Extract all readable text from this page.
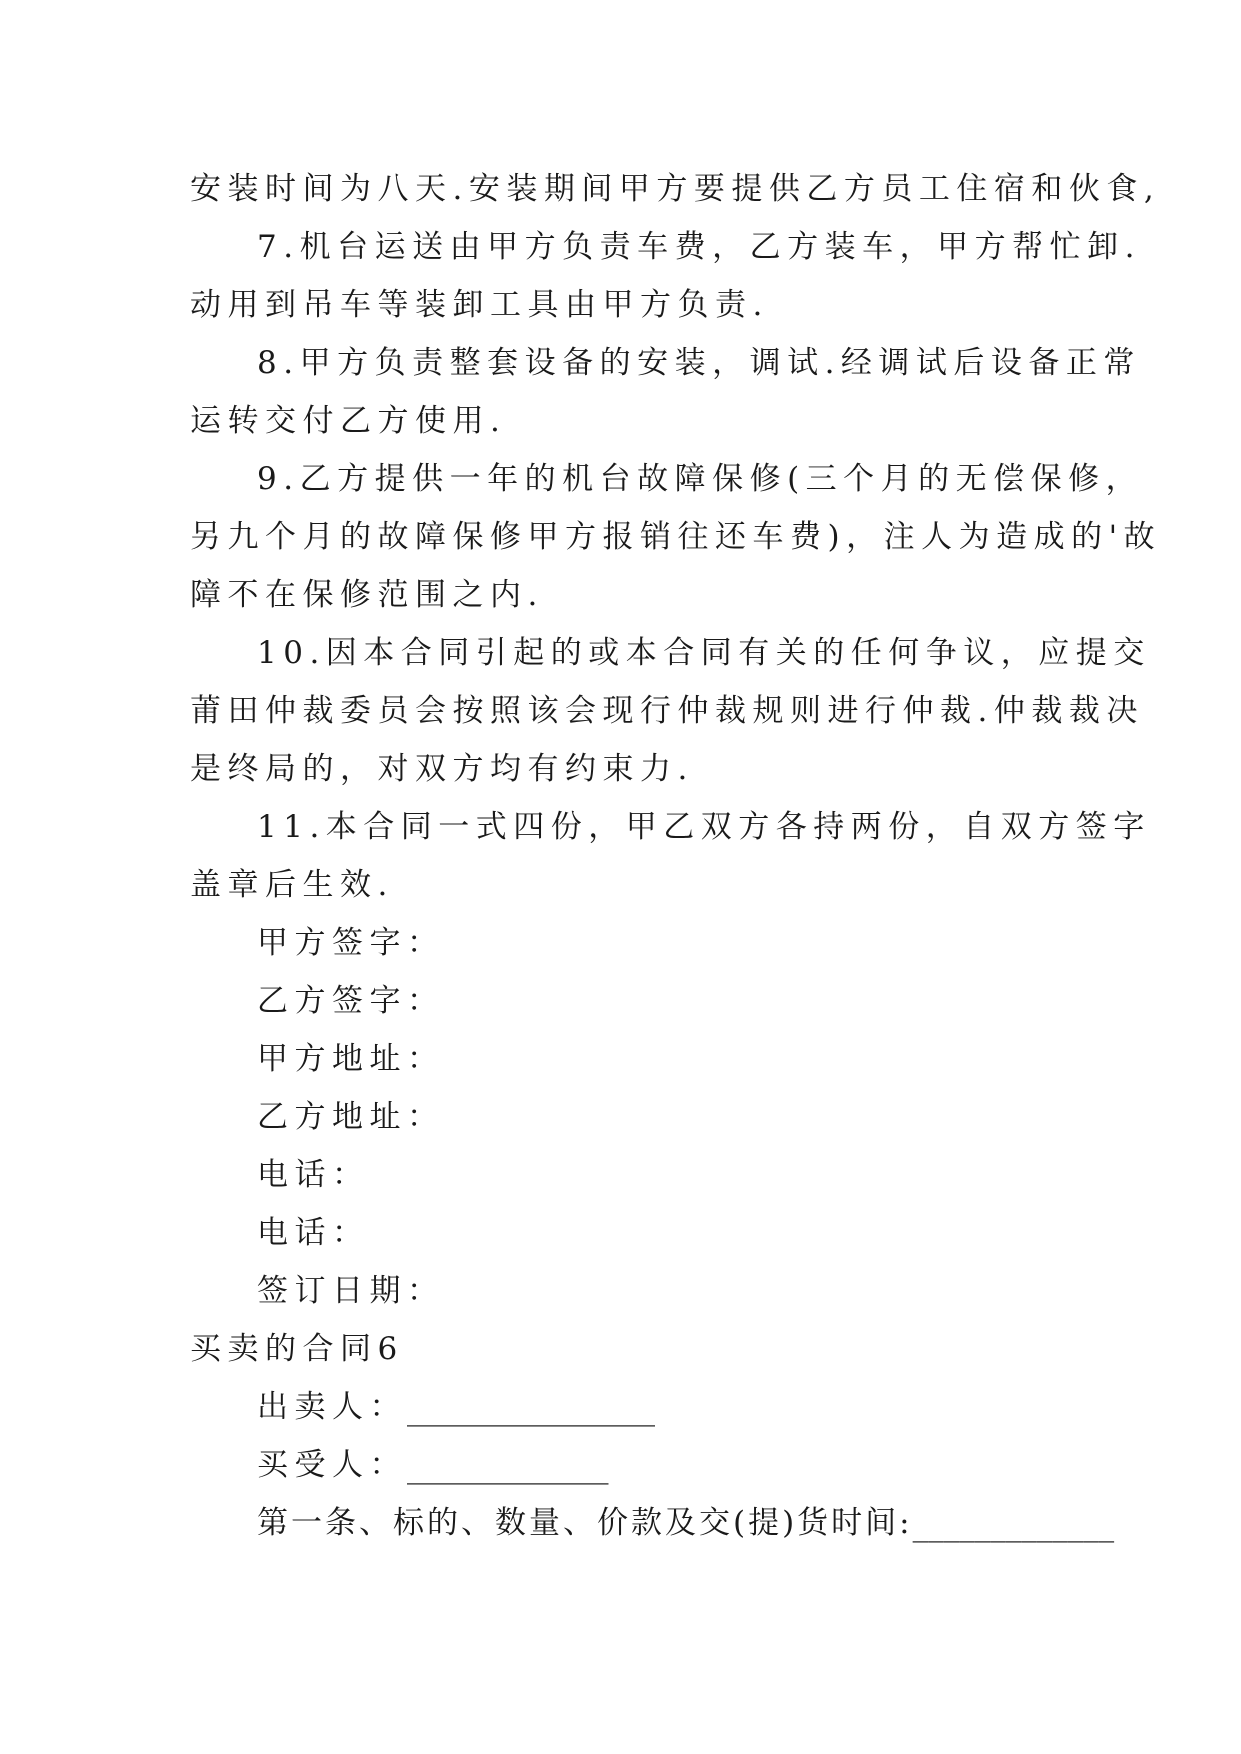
安装时间为八天.安装期间甲方要提供乙方员工住宿和伙食,
7.机台运送由甲方负责车费，乙方装车，甲方帮忙卸.
动用到吊车等装卸工具由甲方负责.
8.甲方负责整套设备的安装，调试.经调试后设备正常
运转交付乙方使用.
9.乙方提供一年的机台故障保修(三个月的无偿保修，
另九个月的故障保修甲方报销往还车费)，注人为造成的'故
障不在保修范围之内.
10.因本合同引起的或本合同有关的任何争议，应提交
莆田仲裁委员会按照该会现行仲裁规则进行仲裁.仲裁裁决
是终局的，对双方均有约束力.
11.本合同一式四份，甲乙双方各持两份，自双方签字
盖章后生效.
甲方签字：
乙方签字：
甲方地址：
乙方地址：
电话：
电话：
签订日期：
买卖的合同6
出卖人：________________
买受人：_____________
第一条、标的、数量、价款及交(提)货时间:_____________
